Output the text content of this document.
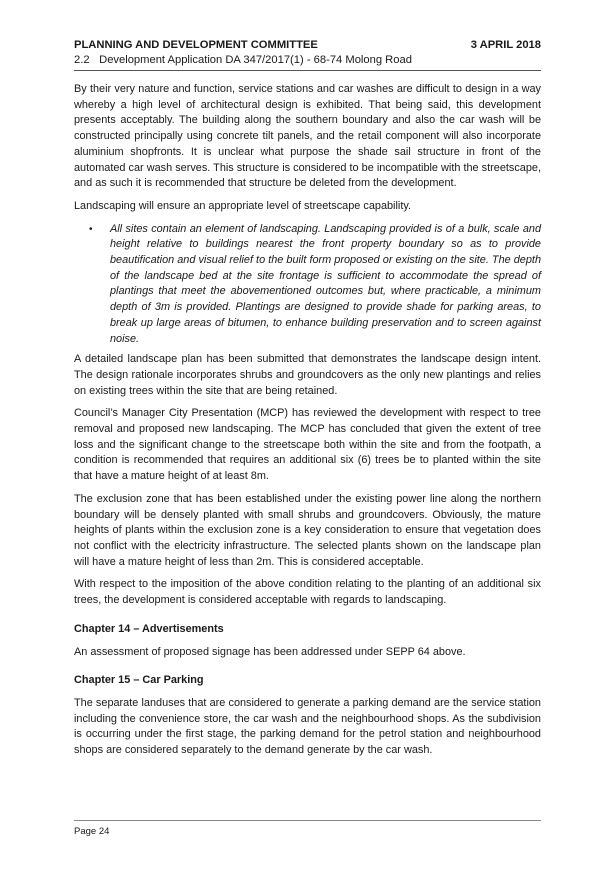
PLANNING AND DEVELOPMENT COMMITTEE	3 APRIL 2018
2.2 Development Application DA 347/2017(1) - 68-74 Molong Road

By their very nature and function, service stations and car washes are difficult to design in a way whereby a high level of architectural design is exhibited. That being said, this development presents acceptably. The building along the southern boundary and also the car wash will be constructed principally using concrete tilt panels, and the retail component will also incorporate aluminium shopfronts. It is unclear what purpose the shade sail structure in front of the automated car wash serves. This structure is considered to be incompatible with the streetscape, and as such it is recommended that structure be deleted from the development.

Landscaping will ensure an appropriate level of streetscape capability.

•	All sites contain an element of landscaping. Landscaping provided is of a bulk, scale and height relative to buildings nearest the front property boundary so as to provide beautification and visual relief to the built form proposed or existing on the site. The depth of the landscape bed at the site frontage is sufficient to accommodate the spread of plantings that meet the abovementioned outcomes but, where practicable, a minimum depth of 3m is provided. Plantings are designed to provide shade for parking areas, to break up large areas of bitumen, to enhance building preservation and to screen against noise.

A detailed landscape plan has been submitted that demonstrates the landscape design intent. The design rationale incorporates shrubs and groundcovers as the only new plantings and relies on existing trees within the site that are being retained.

Council’s Manager City Presentation (MCP) has reviewed the development with respect to tree removal and proposed new landscaping. The MCP has concluded that given the extent of tree loss and the significant change to the streetscape both within the site and from the footpath, a condition is recommended that requires an additional six (6) trees be to planted within the site that have a mature height of at least 8m.

The exclusion zone that has been established under the existing power line along the northern boundary will be densely planted with small shrubs and groundcovers. Obviously, the mature heights of plants within the exclusion zone is a key consideration to ensure that vegetation does not conflict with the electricity infrastructure. The selected plants shown on the landscape plan will have a mature height of less than 2m. This is considered acceptable.

With respect to the imposition of the above condition relating to the planting of an additional six trees, the development is considered acceptable with regards to landscaping.

Chapter 14 – Advertisements

An assessment of proposed signage has been addressed under SEPP 64 above.

Chapter 15 – Car Parking

The separate landuses that are considered to generate a parking demand are the service station including the convenience store, the car wash and the neighbourhood shops. As the subdivision is occurring under the first stage, the parking demand for the petrol station and neighbourhood shops are considered separately to the demand generate by the car wash.

Page 24
